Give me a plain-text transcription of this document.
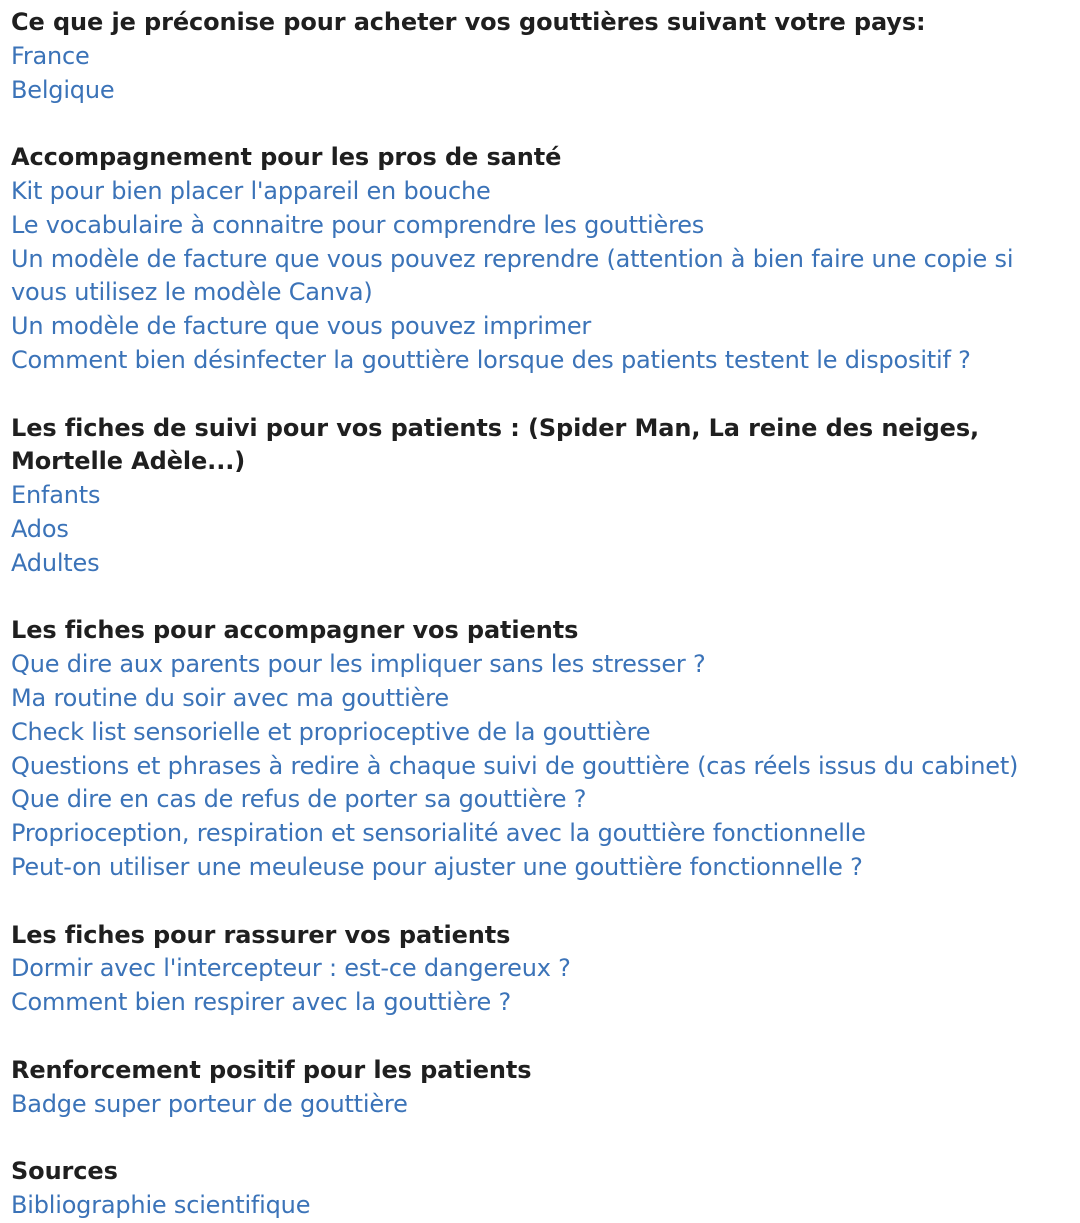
Ce que je préconise pour acheter vos gouttières suivant votre pays:
France
Belgique
Accompagnement pour les pros de santé
Kit pour bien placer l'appareil en bouche
Le vocabulaire à connaitre pour comprendre les gouttières
Un modèle de facture que vous pouvez reprendre (attention à bien faire une copie si vous utilisez le modèle Canva)
Un modèle de facture que vous pouvez imprimer
Comment bien désinfecter la gouttière lorsque des patients testent le dispositif ?
Les fiches de suivi pour vos patients : (Spider Man, La reine des neiges, Mortelle Adèle...)
Enfants
Ados
Adultes
Les fiches pour accompagner vos patients
Que dire aux parents pour les impliquer sans les stresser ?
Ma routine du soir avec ma gouttière
Check list sensorielle et proprioceptive de la gouttière
Questions et phrases à redire à chaque suivi de gouttière (cas réels issus du cabinet)
Que dire en cas de refus de porter sa gouttière ?
Proprioception, respiration et sensorialité avec la gouttière fonctionnelle
Peut-on utiliser une meuleuse pour ajuster une gouttière fonctionnelle ?
Les fiches pour rassurer vos patients
Dormir avec l'intercepteur : est-ce dangereux ?
Comment bien respirer avec la gouttière ?
Renforcement positif pour les patients
Badge super porteur de gouttière
Sources
Bibliographie scientifique
